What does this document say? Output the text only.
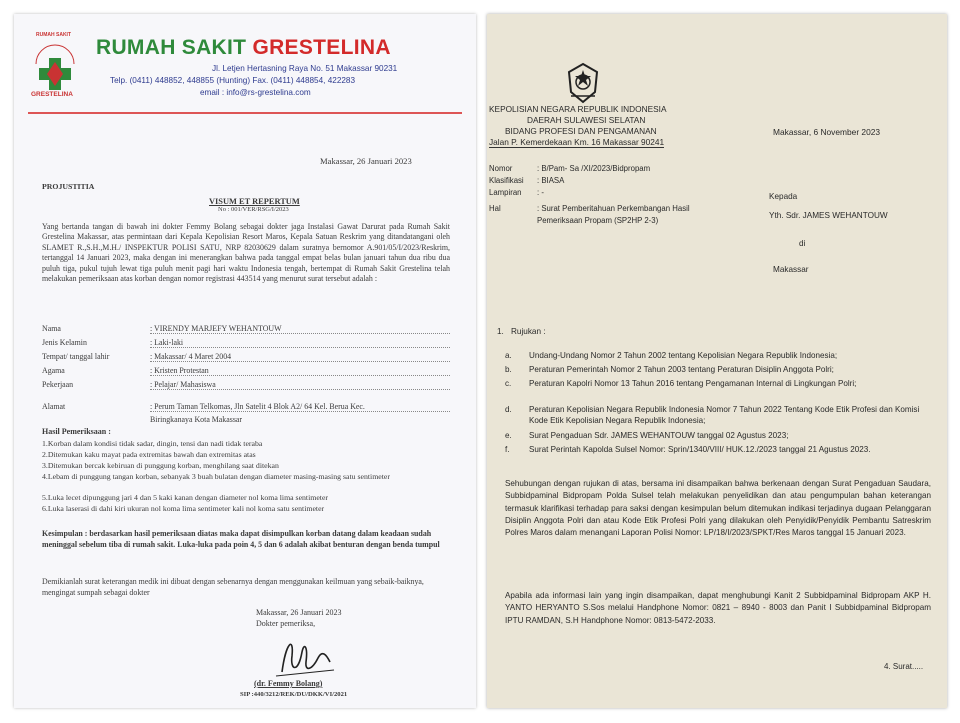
RUMAH SAKIT
GRESTELINA
RUMAH SAKIT GRESTELINA
Jl. Letjen Hertasning Raya No. 51 Makassar 90231
Telp. (0411) 448852, 448855 (Hunting) Fax. (0411) 448854, 422283
email : info@rs-grestelina.com
Makassar, 26 Januari 2023
PROJUSTITIA
VISUM ET REPERTUM
No : 001/VER/RSG/I/2023
Yang bertanda tangan di bawah ini dokter Femmy Bolang sebagai dokter jaga Instalasi Gawat Darurat pada Rumah Sakit Grestelina Makassar, atas permintaan dari Kepala Kepolisian Resort Maros, Kepala Satuan Reskrim yang ditandatangani oleh SLAMET R.,S.H.,M.H./ INSPEKTUR POLISI SATU, NRP 82030629 dalam suratnya bernomor A.901/05/I/2023/Reskrim, tertanggal 14 Januari 2023, maka dengan ini menerangkan bahwa pada tanggal empat belas bulan januari tahun dua ribu dua puluh tiga, pukul tujuh lewat tiga puluh menit pagi hari waktu Indonesia tengah, bertempat di Rumah Sakit Grestelina telah melakukan pemeriksaan atas korban dengan nomor registrasi 443514 yang menurut surat tersebut adalah :
Nama	: VIRENDY MARJEFY WEHANTOUW
Jenis Kelamin	: Laki-laki
Tempat/ tanggal lahir	: Makassar/ 4 Maret 2004
Agama	: Kristen Protestan
Pekerjaan	: Pelajar/ Mahasiswa
Alamat	: Perum Taman Telkomas, Jln Satelit 4 Blok A2/ 64 Kel. Berua Kec.
Biringkanaya Kota Makassar
Hasil Pemeriksaan :
1.Korban dalam kondisi tidak sadar, dingin, tensi dan nadi tidak teraba
2.Ditemukan kaku mayat pada extremitas bawah dan extremitas atas
3.Ditemukan bercak kebiruan di punggung korban, menghilang saat ditekan
4.Lebam di punggung tangan korban, sebanyak 3 buah bulatan dengan diameter masing-masing satu sentimeter
5.Luka lecet dipunggung jari 4 dan 5 kaki kanan dengan diameter nol koma lima sentimeter
6.Luka laserasi di dahi kiri ukuran nol koma lima sentimeter kali nol koma satu sentimeter
Kesimpulan : berdasarkan hasil pemeriksaan diatas maka dapat disimpulkan korban datang dalam keadaan sudah meninggal sebelum tiba di rumah sakit. Luka-luka pada poin 4, 5 dan 6 adalah akibat benturan dengan benda tumpul
Demikianlah surat keterangan medik ini dibuat dengan sebenarnya dengan menggunakan keilmuan yang sebaik-baiknya, mengingat sumpah sebagai dokter
Makassar, 26 Januari 2023
Dokter pemeriksa,
(dr. Femmy Bolang)
SIP :440/3212/REK/DU/DKK/VI/2021
KEPOLISIAN NEGARA REPUBLIK INDONESIA
DAERAH SULAWESI SELATAN
BIDANG PROFESI DAN PENGAMANAN
Jalan P. Kemerdekaan Km. 16 Makassar 90241
Makassar, 6 November 2023
Nomor	: B/Pam- Sa /XI/2023/Bidpropam
Klasifikasi : BIASA
Lampiran : -
Hal	: Surat Pemberitahuan Perkembangan Hasil
Pemeriksaan Propam (SP2HP 2-3)
Kepada
Yth. Sdr. JAMES WEHANTOUW
di
Makassar
1. Rujukan :
a. Undang-Undang Nomor 2 Tahun 2002 tentang Kepolisian Negara Republik Indonesia;
b. Peraturan Pemerintah Nomor 2 Tahun 2003 tentang Peraturan Disiplin Anggota Polri;
c. Peraturan Kapolri Nomor 13 Tahun 2016 tentang Pengamanan Internal di Lingkungan Polri;
d. Peraturan Kepolisian Negara Republik Indonesia Nomor 7 Tahun 2022 Tentang Kode Etik Profesi dan Komisi Kode Etik Kepolisian Negara Republik Indonesia;
e. Surat Pengaduan Sdr. JAMES WEHANTOUW tanggal 02 Agustus 2023;
f. Surat Perintah Kapolda Sulsel Nomor: Sprin/1340/VIII/ HUK.12./2023 tanggal 21 Agustus 2023.
Sehubungan dengan rujukan di atas, bersama ini disampaikan bahwa berkenaan dengan Surat Pengaduan Saudara, Subbidpaminal Bidpropam Polda Sulsel telah melakukan penyelidikan dan atau pengumpulan bahan keterangan termasuk klarifikasi terhadap para saksi dengan kesimpulan belum ditemukan indikasi terjadinya dugaan Pelanggaran Disiplin Anggota Polri dan atau Kode Etik Profesi Polri yang dilakukan oleh Penyidik/Penyidik Pembantu Satreskrim Polres Maros dalam menangani Laporan Polisi Nomor: LP/18/I/2023/SPKT/Res Maros tanggal 15 Januari 2023.
Apabila ada informasi lain yang ingin disampaikan, dapat menghubungi Kanit 2 Subbidpaminal Bidpropam AKP H. YANTO HERYANTO S.Sos melalui Handphone Nomor: 0821 – 8940 - 8003 dan Panit I Subbidpaminal Bidpropam IPTU RAMDAN, S.H Handphone Nomor: 0813-5472-2033.
4. Surat.....
